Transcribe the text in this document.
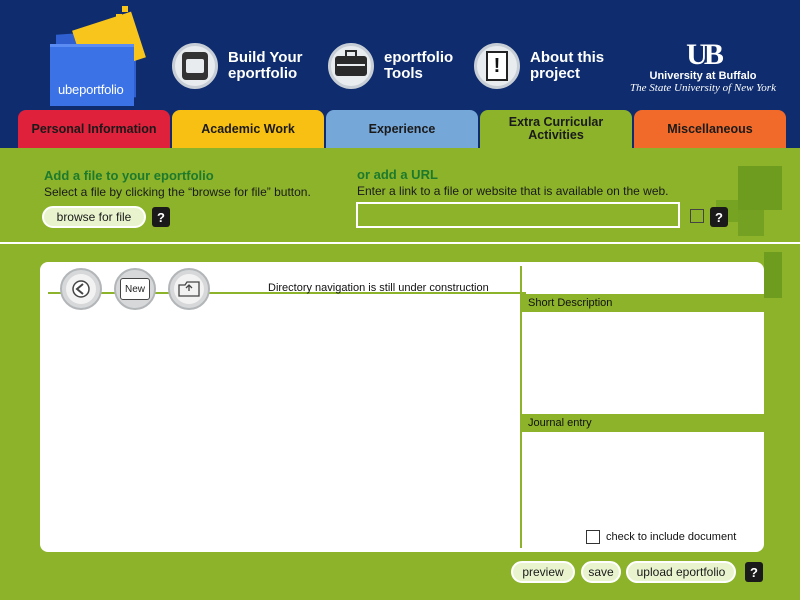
ubeportfolio
Build Your
eportfolio
eportfolio
Tools	!	About this
project
UB
University at Buffalo
The State University of New York
Personal Information	Academic Work	Experience	Extra Curricular Activities	Miscellaneous
Add a file to your eportfolio
Select a file by clicking the “browse for file” button.
browse for file	?
or add a URL
Enter a link to a file or website that is available on the web.
?
New	Directory navigation is still under construction
Short Description
Journal entry
check to include document
preview	save	upload eportfolio	?
